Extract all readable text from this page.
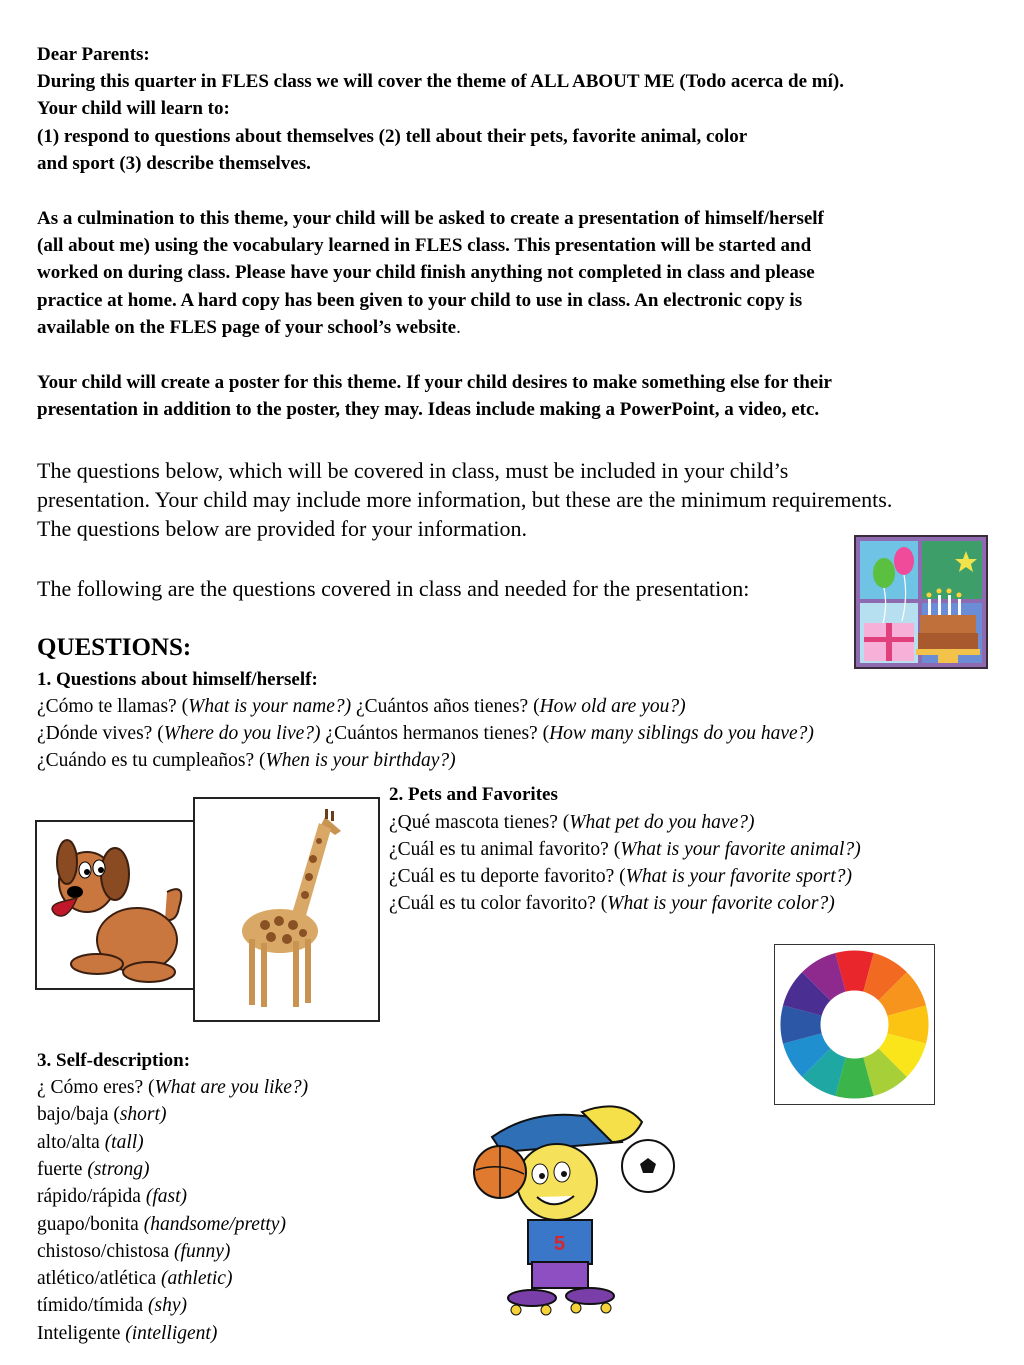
Dear Parents:
During this quarter in FLES class we will cover the theme of ALL ABOUT ME (Todo acerca de mí).
Your child will learn to:
(1) respond to questions about themselves (2) tell about their pets, favorite animal, color
and sport (3) describe themselves.
As a culmination to this theme, your child will be asked to create a presentation of himself/herself
(all about me) using the vocabulary learned in FLES class. This presentation will be started and
worked on during class. Please have your child finish anything not completed in class and please
practice at home. A hard copy has been given to your child to use in class. An electronic copy is
available on the FLES page of your school’s website.
Your child will create a poster for this theme. If your child desires to make something else for their
presentation in addition to the poster, they may. Ideas include making a PowerPoint, a video, etc.
The questions below, which will be covered in class, must be included in your child’s
presentation. Your child may include more information, but these are the minimum requirements.
The questions below are provided for your information.
The following are the questions covered in class and needed for the presentation:
QUESTIONS:
1. Questions about himself/herself:
¿Cómo te llamas? (What is your name?) ¿Cuántos años tienes? (How old are you?)
¿Dónde vives? (Where do you live?) ¿Cuántos hermanos tienes? (How many siblings do you have?)
¿Cuándo es tu cumpleaños? (When is your birthday?)
2. Pets and Favorites
¿Qué mascota tienes? (What pet do you have?)
¿Cuál es tu animal favorito? (What is your favorite animal?)
¿Cuál es tu deporte favorito? (What is your favorite sport?)
¿Cuál es tu color favorito? (What is your favorite color?)
3. Self-description:
¿ Cómo eres? (What are you like?)
bajo/baja (short)
alto/alta (tall)
fuerte (strong)
rápido/rápida (fast)
guapo/bonita (handsome/pretty)
chistoso/chistosa (funny)
atlético/atlética (athletic)
tímido/tímida (shy)
Inteligente (intelligent)
5
